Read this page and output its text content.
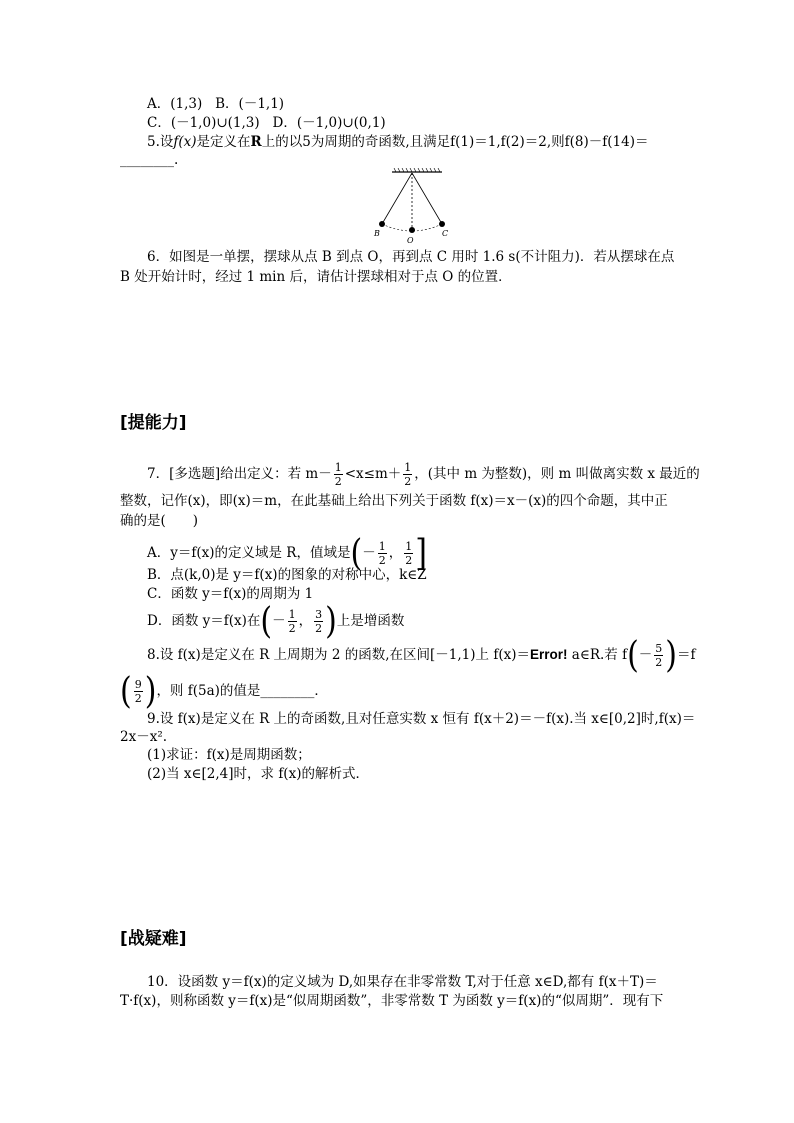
A．(1,3) B．(－1,1)
C．(－1,0)∪(1,3) D．(－1,0)∪(0,1)
5.设f(x)是定义在R上的以5为周期的奇函数,且满足f(1)＝1,f(2)＝2,则f(8)－f(14)＝
________.
B
O
C
6．如图是一单摆，摆球从点 B 到点 O，再到点 C 用时 1.6 s(不计阻力)．若从摆球在点
B 处开始计时，经过 1 min 后，请估计摆球相对于点 O 的位置．
[提能力]
7．[多选题]给出定义：若 $m- \frac{1}{2} <x\le m+ \frac{1}{2}$ ，(其中 m 为整数)，则 m 叫做离实数 x 最近的
整数，记作(x)，即(x)＝m，在此基础上给出下列关于函数 f(x)＝x－(x)的四个命题，其中正
确的是(　　)
A．y＝f(x)的定义域是 R，值域是(－ $\frac{1}{2}$ ， $\frac{1}{2}$ ]
B．点(k,0)是 y＝f(x)的图象的对称中心，k∈Z
C．函数 y＝f(x)的周期为 1
D．函数 y＝f(x)在(－ $\frac{1}{2}$ ， $\frac{3}{2}$ )上是增函数
8.设 f(x)是定义在 R 上周期为 2 的函数,在区间[－1,1)上 f(x)＝Error! a∈R.若 $f(- \frac{5}{2} )=f$
( $\frac{9}{2}$ )，则 f(5a)的值是________．
9.设 f(x)是定义在 R 上的奇函数,且对任意实数 x 恒有 f(x＋2)＝－f(x).当 x∈[0,2]时,f(x)＝
2x－x².
(1)求证：f(x)是周期函数；
(2)当 x∈[2,4]时，求 f(x)的解析式．
[战疑难]
10．设函数 y＝f(x)的定义域为 D,如果存在非零常数 T,对于任意 x∈D,都有 f(x＋T)＝
T·f(x)，则称函数 y＝f(x)是“似周期函数”，非零常数 T 为函数 y＝f(x)的“似周期”．现有下
